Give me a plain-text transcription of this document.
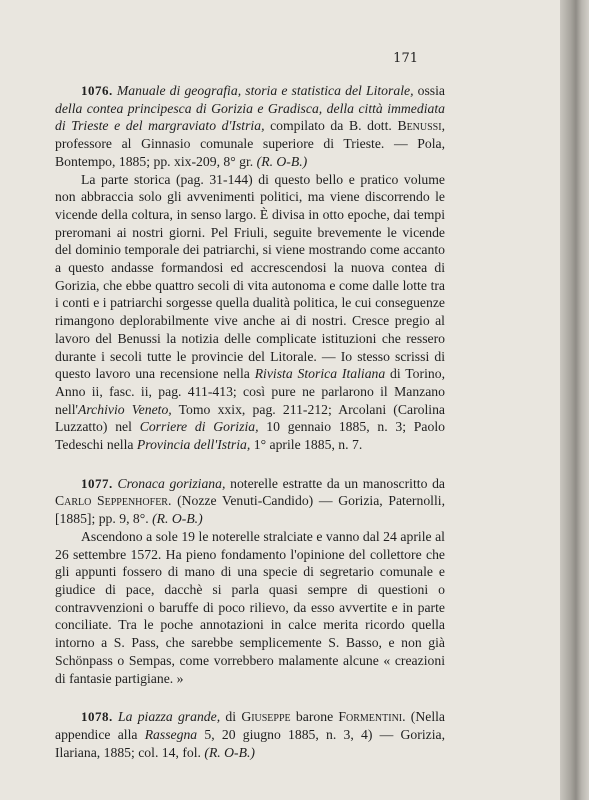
171

1076. Manuale di geografia, storia e statistica del Litorale, ossia della contea principesca di Gorizia e Gradisca, della città immediata di Trieste e del margraviato d'Istria, compilato da B. dott. Benussi, professore al Ginnasio comunale superiore di Trieste. — Pola, Bontempo, 1885; pp. xix-209, 8° gr. (R. O-B.)

La parte storica (pag. 31-144) di questo bello e pratico volume non abbraccia solo gli avvenimenti politici, ma viene discorrendo le vicende della coltura, in senso largo. È divisa in otto epoche, dai tempi preromani ai nostri giorni. Pel Friuli, seguite brevemente le vicende del dominio temporale dei patriarchi, si viene mostrando come accanto a questo andasse formandosi ed accrescendosi la nuova contea di Gorizia, che ebbe quattro secoli di vita autonoma e come dalle lotte tra i conti e i patriarchi sorgesse quella dualità politica, le cui conseguenze rimangono deplorabilmente vive anche ai di nostri. Cresce pregio al lavoro del Benussi la notizia delle complicate istituzioni che ressero durante i secoli tutte le provincie del Litorale. — Io stesso scrissi di questo lavoro una recensione nella Rivista Storica Italiana di Torino, Anno ii, fasc. ii, pag. 411-413; così pure ne parlarono il Manzano nell'Archivio Veneto, Tomo xxix, pag. 211-212; Arcolani (Carolina Luzzatto) nel Corriere di Gorizia, 10 gennaio 1885, n. 3; Paolo Tedeschi nella Provincia dell'Istria, 1° aprile 1885, n. 7.

1077. Cronaca goriziana, noterelle estratte da un manoscritto da Carlo Seppenhofer. (Nozze Venuti-Candido) — Gorizia, Paternolli, [1885]; pp. 9, 8°. (R. O-B.)

Ascendono a sole 19 le noterelle stralciate e vanno dal 24 aprile al 26 settembre 1572. Ha pieno fondamento l'opinione del collettore che gli appunti fossero di mano di una specie di segretario comunale e giudice di pace, dacchè si parla quasi sempre di questioni o contravvenzioni o baruffe di poco rilievo, da esso avvertite e in parte conciliate. Tra le poche annotazioni in calce merita ricordo quella intorno a S. Pass, che sarebbe semplicemente S. Basso, e non già Schönpass o Sempas, come vorrebbero malamente alcune « creazioni di fantasie partigiane. »

1078. La piazza grande, di Giuseppe barone Formentini. (Nella appendice alla Rassegna 5, 20 giugno 1885, n. 3, 4) — Gorizia, Ilariana, 1885; col. 14, fol. (R. O-B.)
